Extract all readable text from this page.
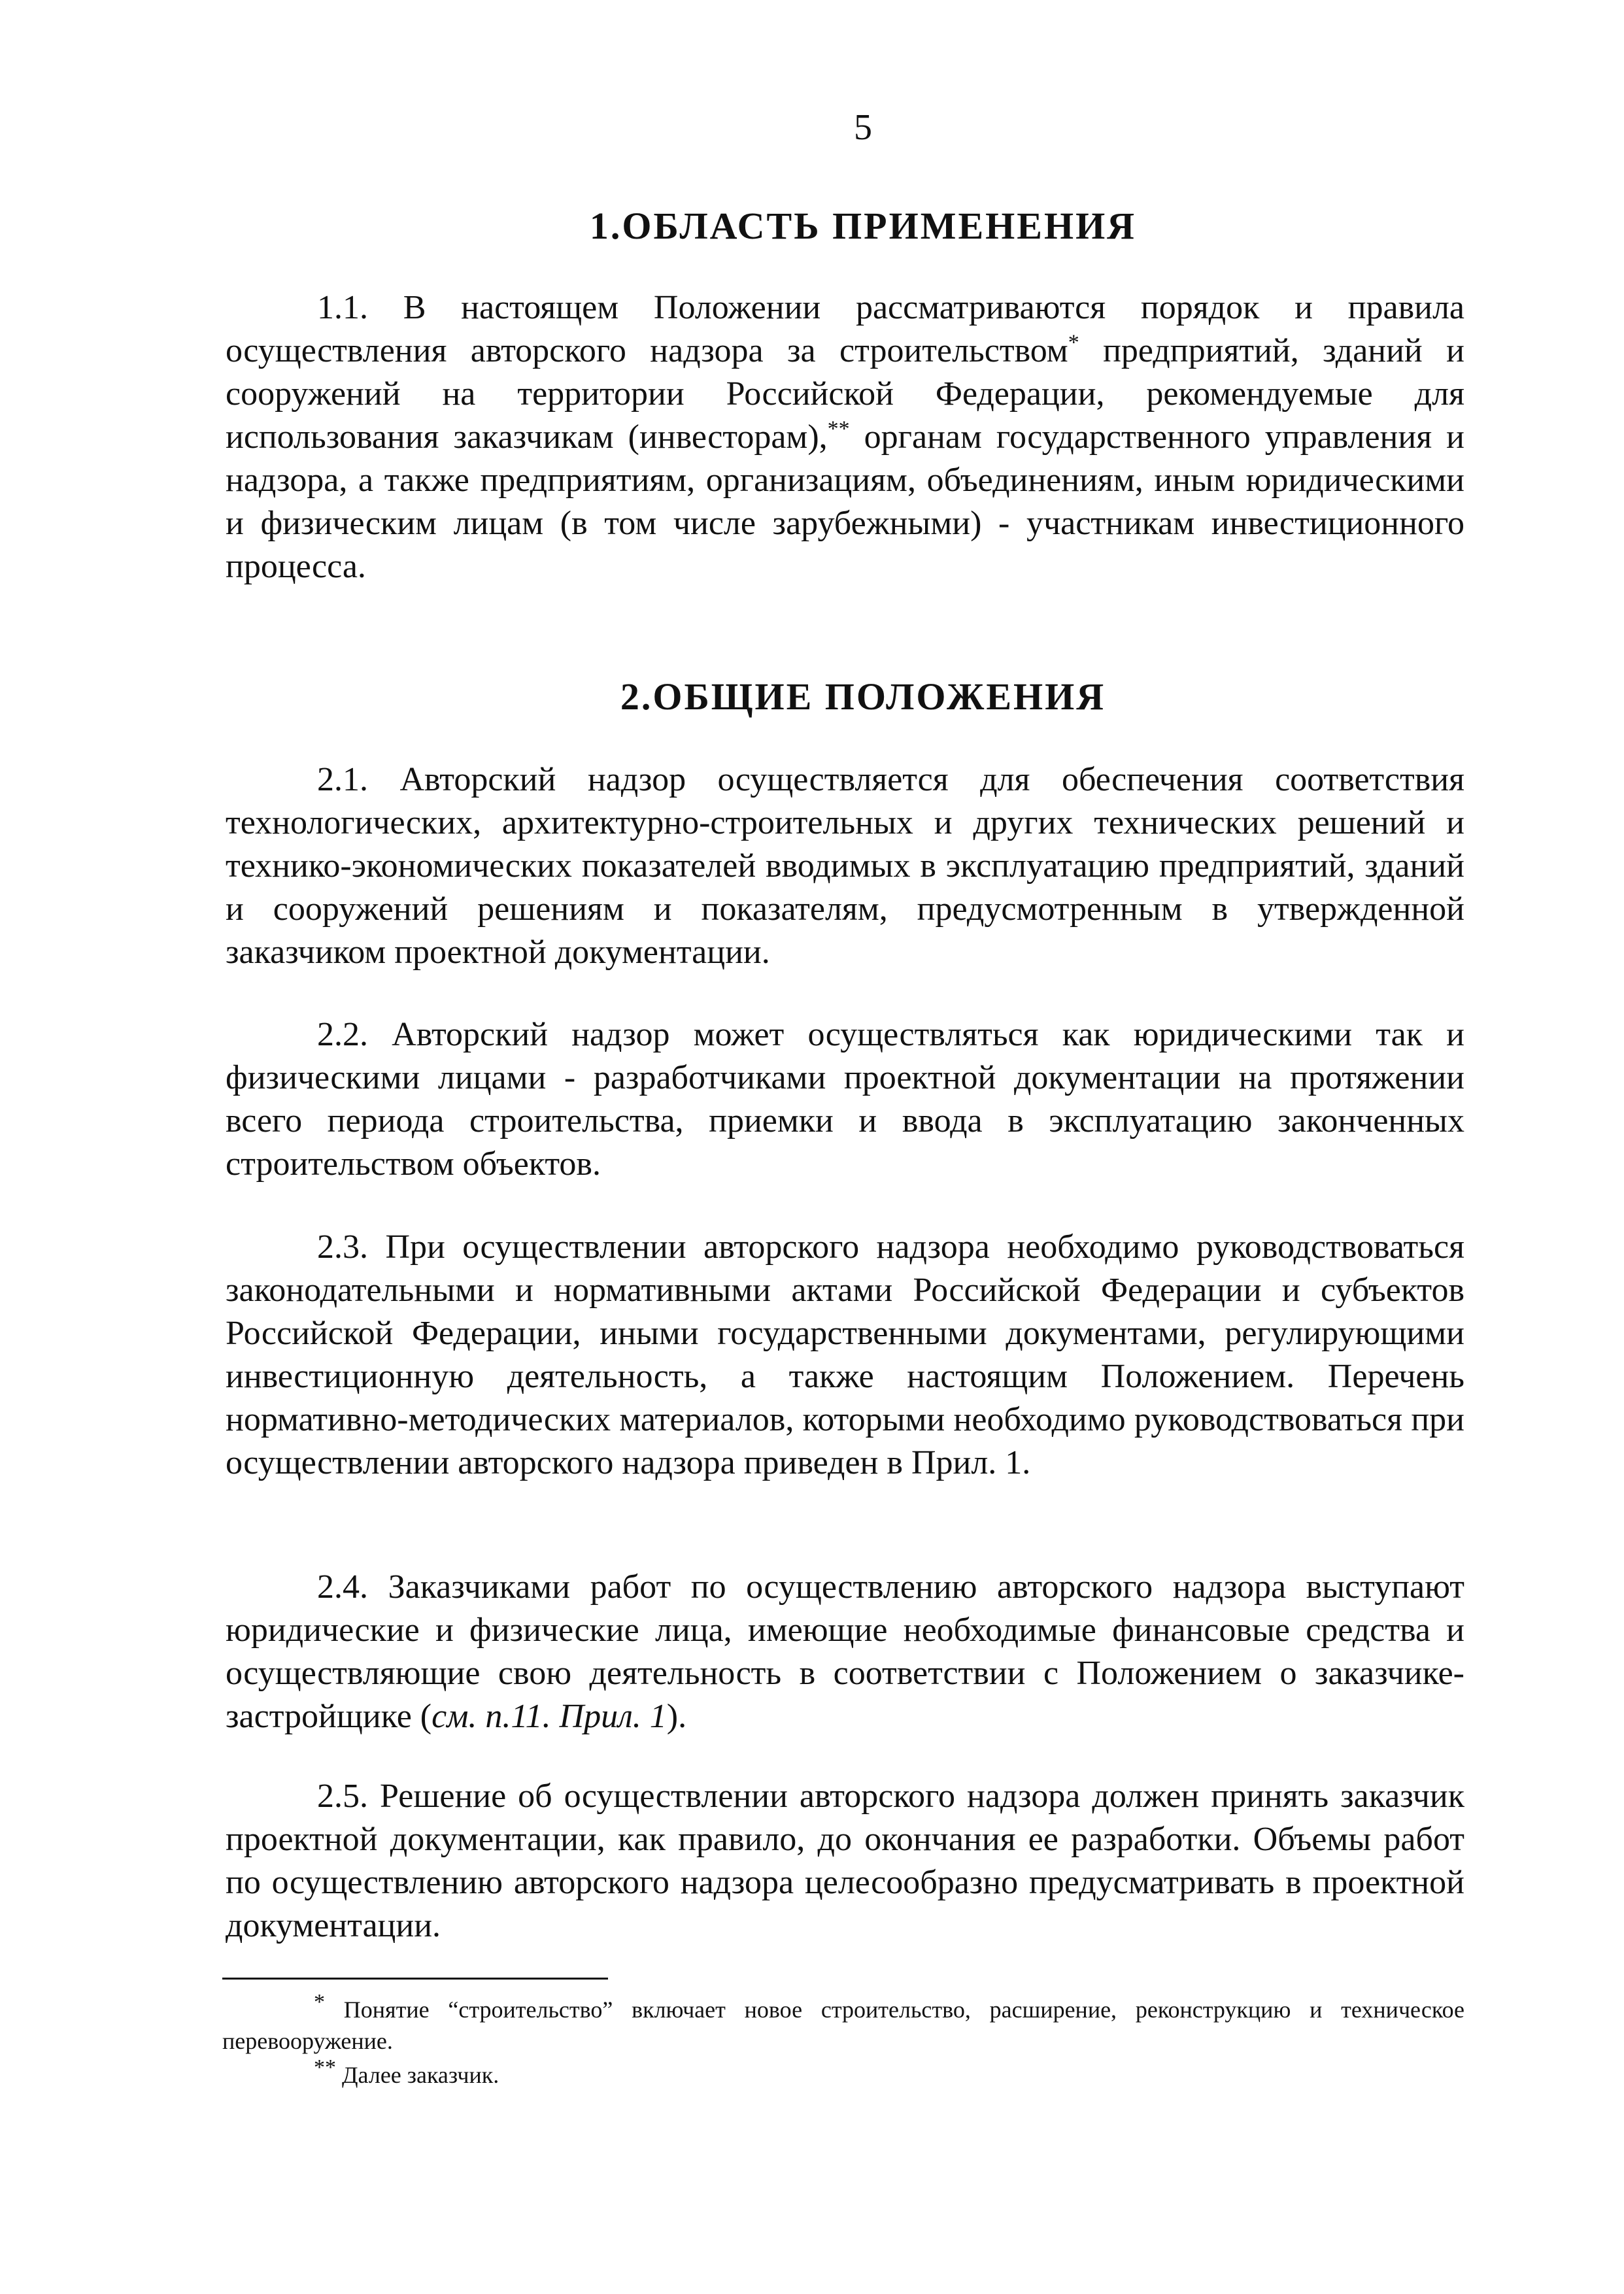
5
1.ОБЛАСТЬ ПРИМЕНЕНИЯ

1.1. В настоящем Положении рассматриваются порядок и правила осуществления авторского надзора за строительством* предприятий, зданий и сооружений на территории Российской Федерации, рекомендуемые для использования заказчикам (инвесторам),** органам государственного управления и надзора, а также предприятиям, организациям, объединениям, иным юридическими и физическим лицам (в том числе зарубежными) - участникам инвестиционного процесса.

2.ОБЩИЕ ПОЛОЖЕНИЯ

2.1. Авторский надзор осуществляется для обеспечения соответствия технологических, архитектурно-строительных и других технических решений и технико-экономических показателей вводимых в эксплуатацию предприятий, зданий и сооружений решениям и показателям, предусмотренным в утвержденной заказчиком проектной документации.

2.2. Авторский надзор может осуществляться как юридическими так и физическими лицами - разработчиками проектной документации на протяжении всего периода строительства, приемки и ввода в эксплуатацию законченных строительством объектов.

2.3. При осуществлении авторского надзора необходимо руководствоваться законодательными и нормативными актами Российской Федерации и субъектов Российской Федерации, иными государственными документами, регулирующими инвестиционную деятельность, а также настоящим Положением. Перечень нормативно-методических материалов, которыми необходимо руководствоваться при осуществлении авторского надзора приведен в Прил. 1.

2.4. Заказчиками работ по осуществлению авторского надзора выступают юридические и физические лица, имеющие необходимые финансовые средства и осуществляющие свою деятельность в соответствии с Положением о заказчике-застройщике (см. п.11. Прил. 1).

2.5. Решение об осуществлении авторского надзора должен принять заказчик проектной документации, как правило, до окончания ее разработки. Объемы работ по осуществлению авторского надзора целесообразно предусматривать в проектной документации.

* Понятие “строительство” включает новое строительство, расширение, реконструкцию и техническое перевооружение.

** Далее заказчик.
